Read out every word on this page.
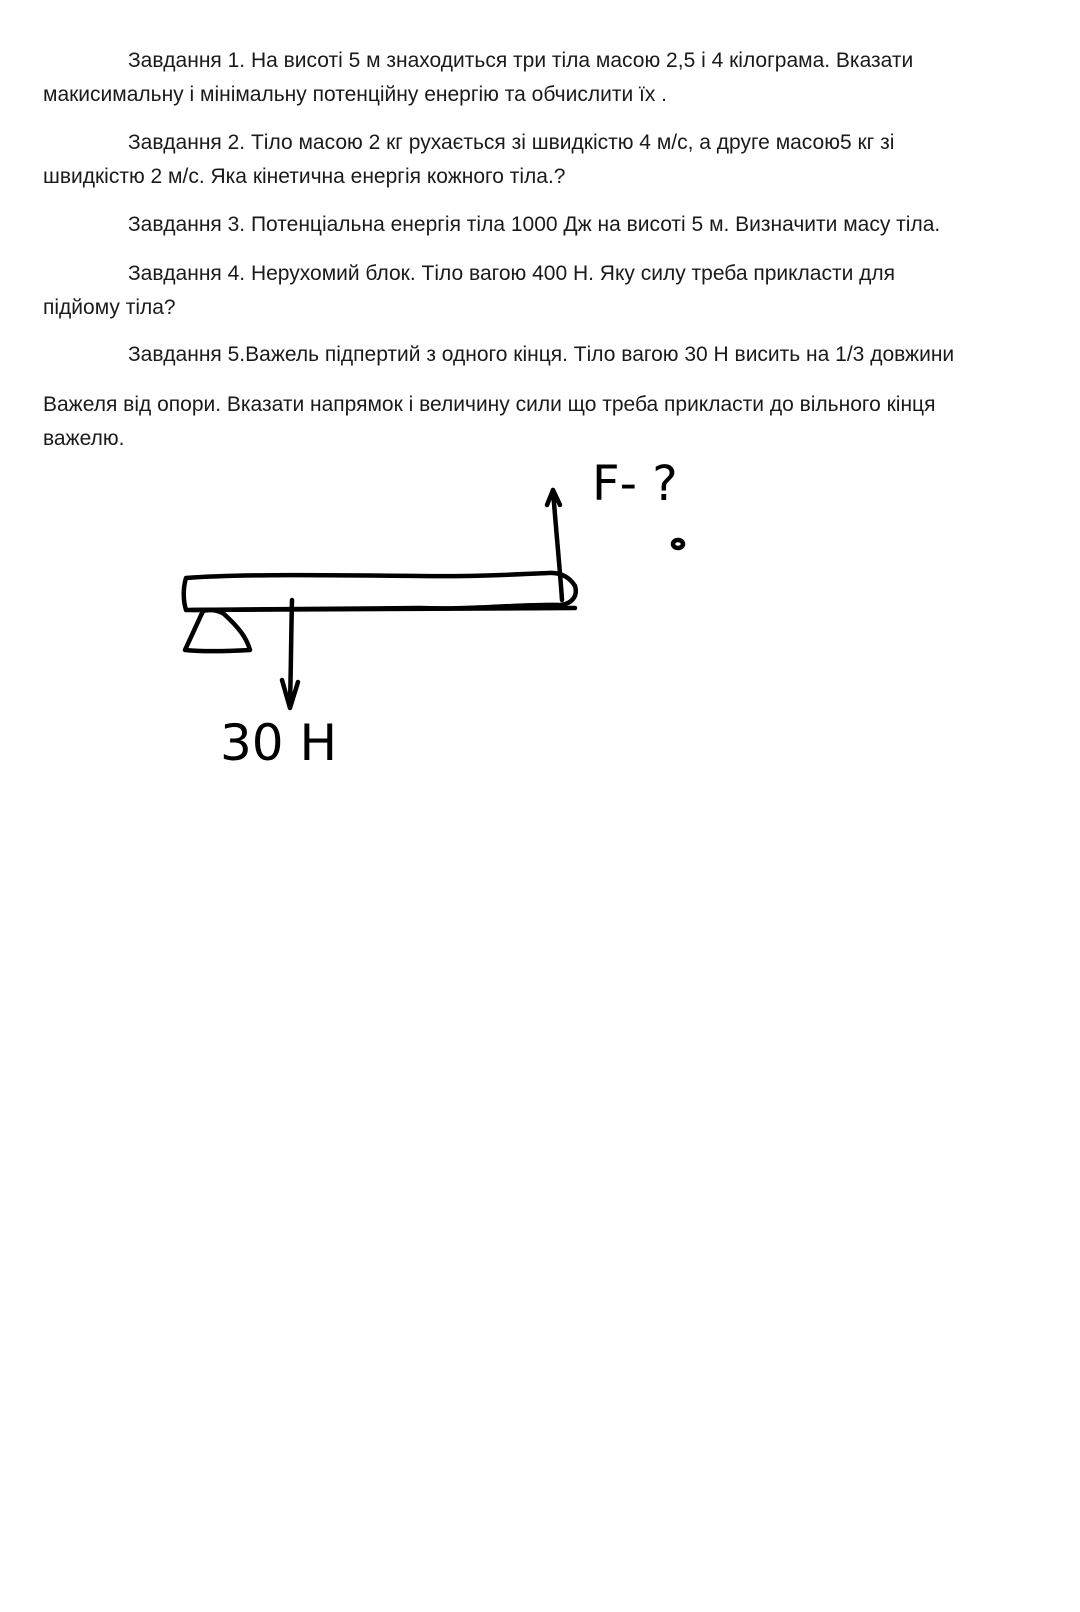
Завдання 1. На висоті 5 м знаходиться три тіла масою 2,5 і 4 кілограма. Вказати
макисимальну і мінімальну потенційну енергію та обчислити їх .

Завдання 2. Тіло масою 2 кг рухається зі швидкістю 4 м/с, а друге масою5 кг зі
швидкістю 2 м/с. Яка кінетична енергія кожного тіла.?

Завдання 3. Потенціальна енергія тіла 1000 Дж на висоті 5 м. Визначити масу тіла.

Завдання 4. Нерухомий блок. Тіло вагою 400 Н. Яку силу треба прикласти для
підйому тіла?

Завдання 5.Важель підпертий з одного кінця. Тіло вагою 30 Н висить на 1/3 довжини

Важеля від опори. Вказати напрямок і величину сили що треба прикласти до вільного кінця
важелю.

F- ?
30 Н
